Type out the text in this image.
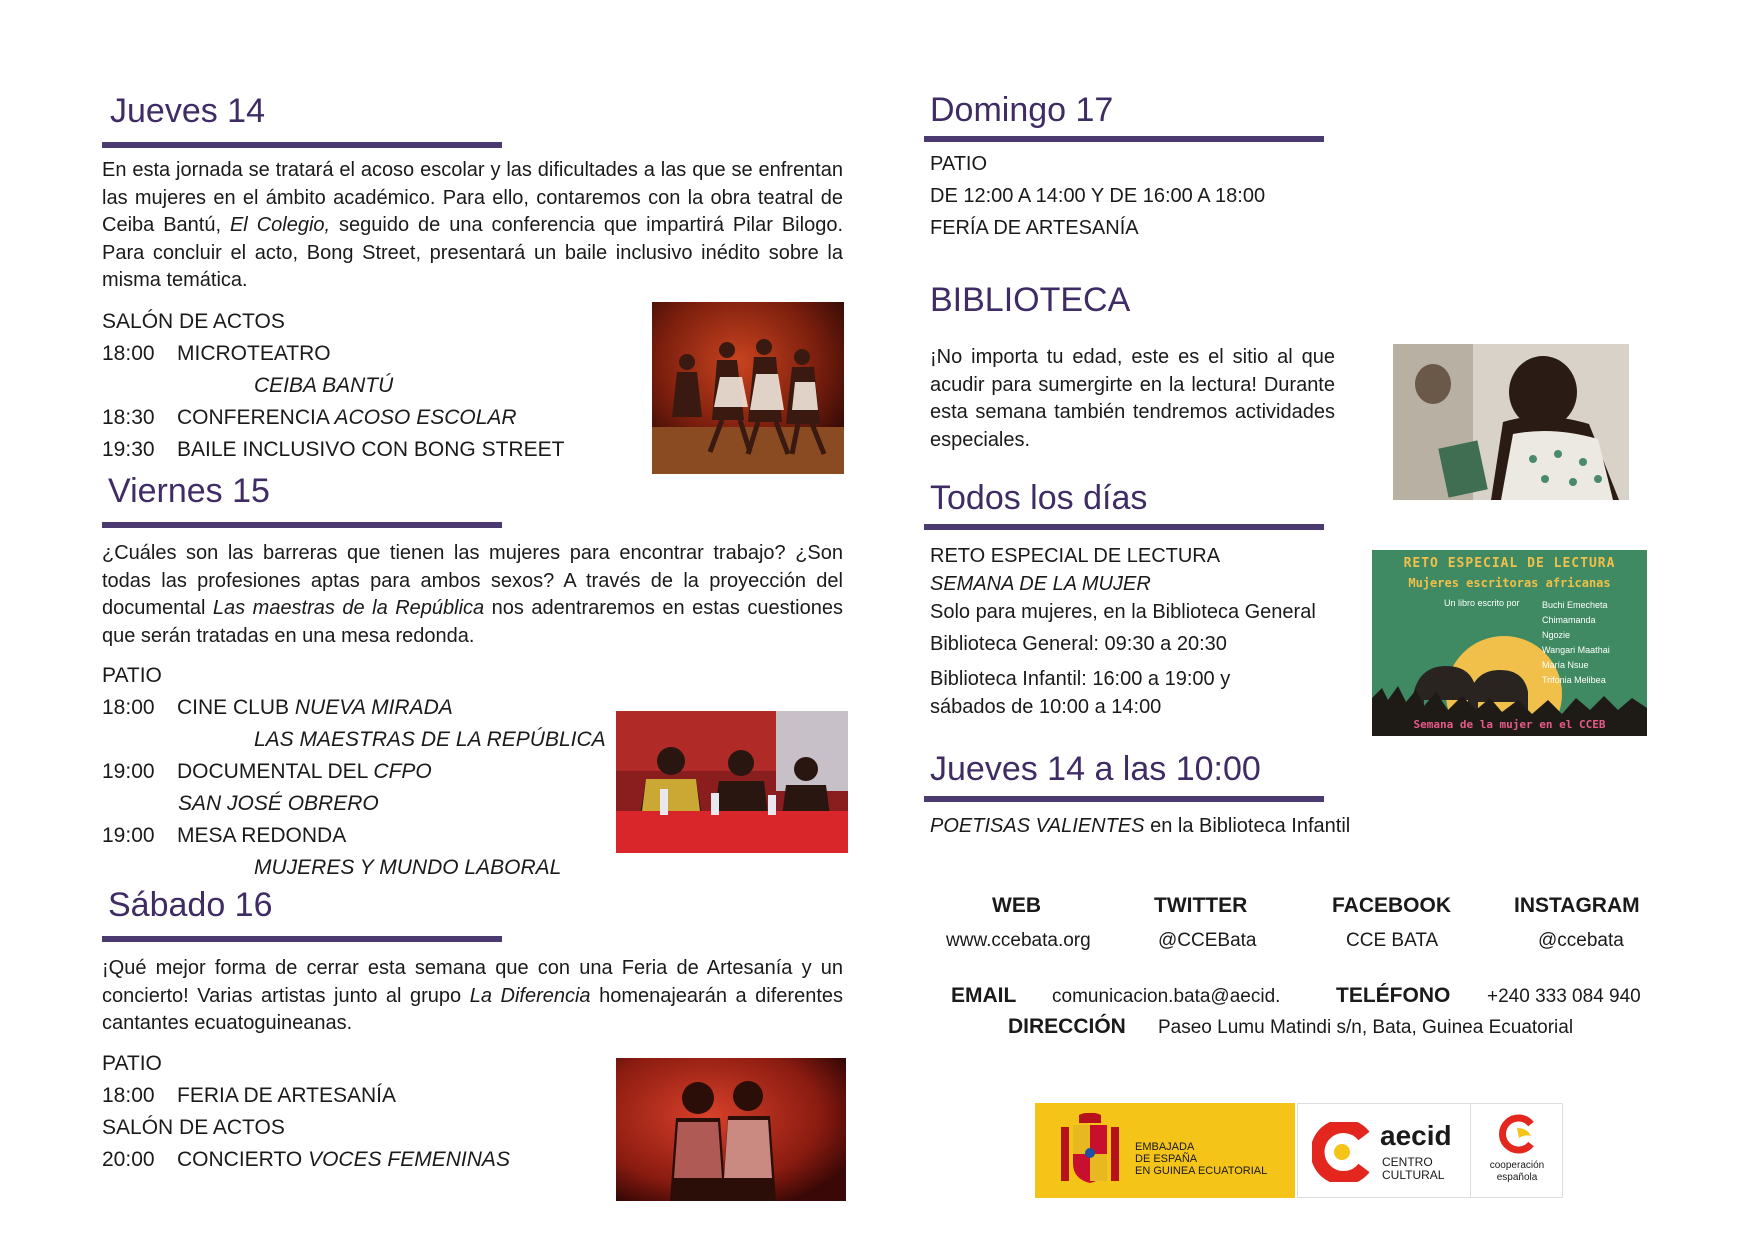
Jueves 14

En esta jornada se tratará el acoso escolar y las dificultades a las que se enfrentan las mujeres en el ámbito académico. Para ello, contaremos con la obra teatral de Ceiba Bantú, El Colegio, seguido de una conferencia que impartirá Pilar Bilogo. Para concluir el acto, Bong Street, presentará un baile inclusivo inédito sobre la misma temática.

SALÓN DE ACTOS
18:00 MICROTEATRO
CEIBA BANTÚ
18:30 CONFERENCIA ACOSO ESCOLAR
19:30 BAILE INCLUSIVO CON BONG STREET
Viernes 15

¿Cuáles son las barreras que tienen las mujeres para encontrar trabajo? ¿Son todas las profesiones aptas para ambos sexos? A través de la proyección del documental Las maestras de la República nos adentraremos en estas cuestiones que serán tratadas en una mesa redonda.

PATIO
18:00 CINE CLUB NUEVA MIRADA
LAS MAESTRAS DE LA REPÚBLICA
19:00 DOCUMENTAL DEL CFPO
SAN JOSÉ OBRERO
19:00 MESA REDONDA
MUJERES Y MUNDO LABORAL
Sábado 16

¡Qué mejor forma de cerrar esta semana que con una Feria de Artesanía y un concierto! Varias artistas junto al grupo La Diferencia homenajearán a diferentes cantantes ecuatoguineanas.

PATIO
18:00 FERIA DE ARTESANÍA
SALÓN DE ACTOS
20:00 CONCIERTO VOCES FEMENINAS
Domingo 17
PATIO
DE 12:00 A 14:00 Y DE 16:00 A 18:00
FERÍA DE ARTESANÍA
BIBLIOTECA

¡No importa tu edad, este es el sitio al que acudir para sumergirte en la lectura! Durante esta semana también tendremos actividades especiales.

Todos los días
RETO ESPECIAL DE LECTURA
SEMANA DE LA MUJER
Solo para mujeres, en la Biblioteca General
Biblioteca General: 09:30 a 20:30
Biblioteca Infantil: 16:00 a 19:00 y
sábados de 10:00 a 14:00
RETO ESPECIAL DE LECTURA
Mujeres escritoras africanas
Un libro escrito por Buchi Emecheta
Chimamanda
Ngozie
Wangari Maathai
María Nsue
Trifonia Melibea
Semana de la mujer en el CCEB
Jueves 14 a las 10:00
POETISAS VALIENTES en la Biblioteca Infantil
WEB
www.ccebata.org
TWITTER
@CCEBata
FACEBOOK
CCE BATA
INSTAGRAM
@ccebata
EMAIL comunicacion.bata@aecid.	TELÉFONO +240 333 084 940
DIRECCIÓN Paseo Lumu Matindi s/n, Bata, Guinea Ecuatorial
EMBAJADA
DE ESPAÑA
EN GUINEA ECUATORIAL
aecid
CENTRO
CULTURAL
cooperación
española
